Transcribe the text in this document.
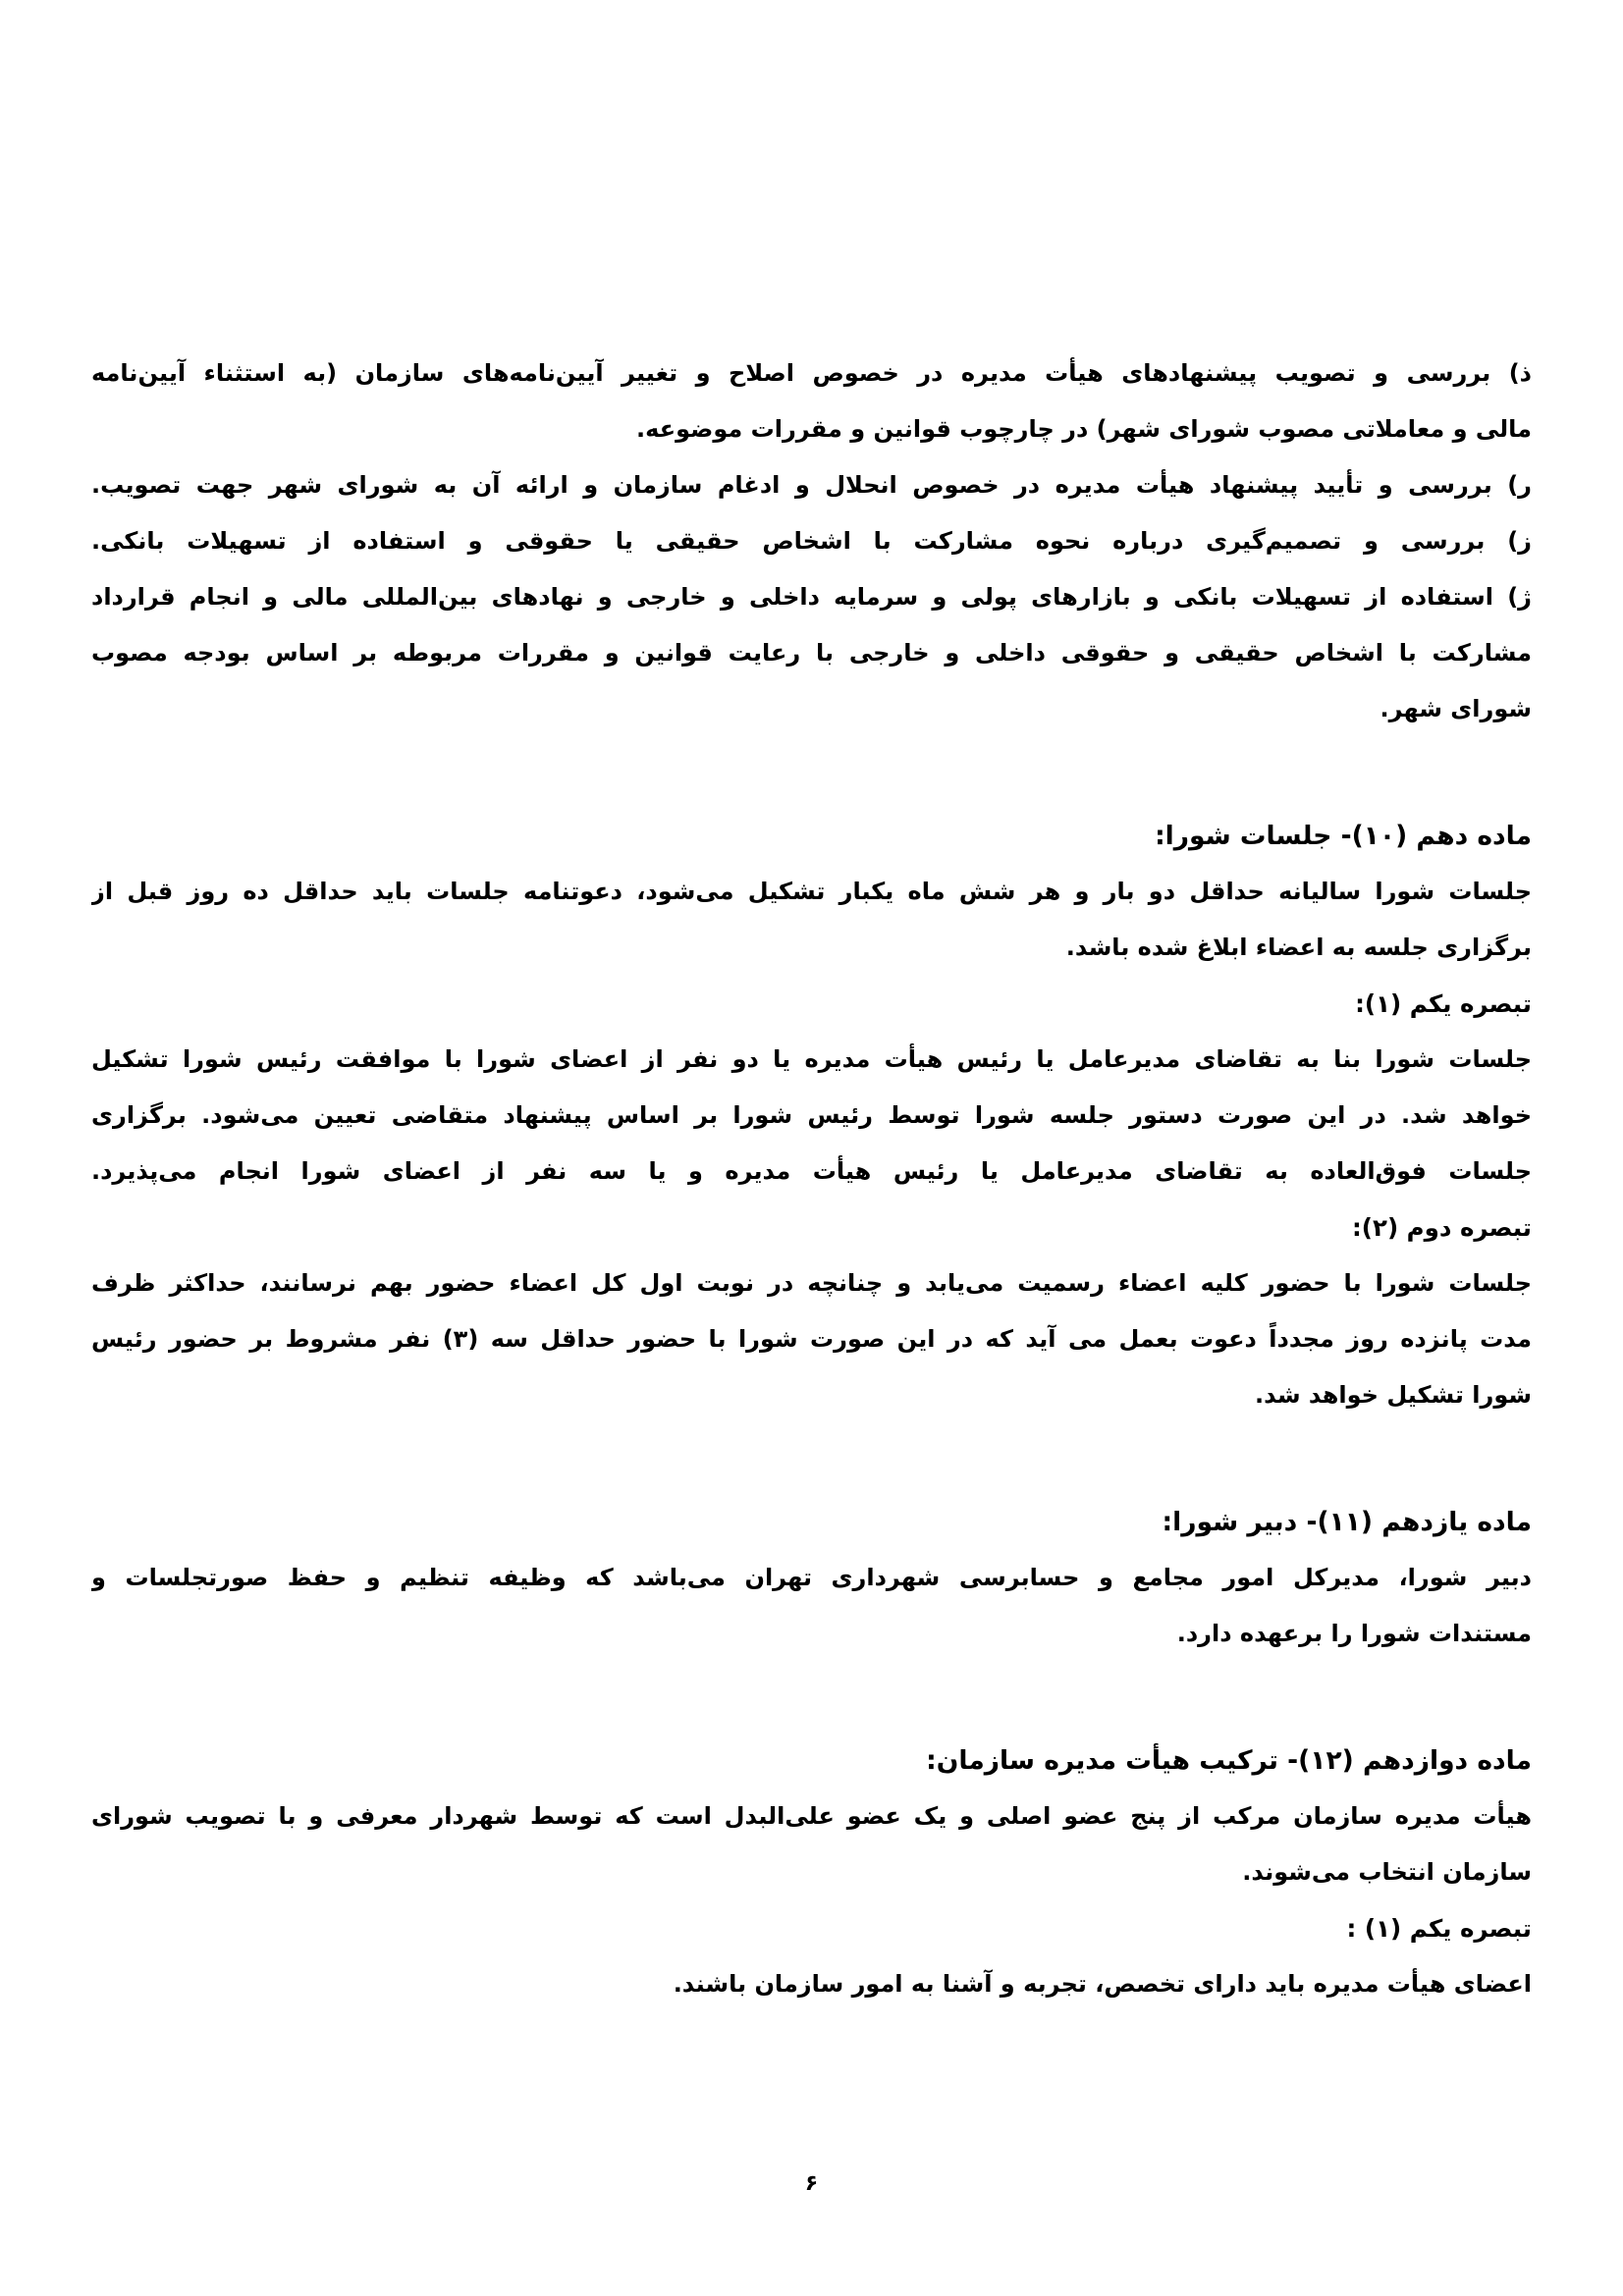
ذ) بررسی و تصویب پیشنهادهای هیأت مدیره در خصوص اصلاح و تغییر آیین‌نامه‌های سازمان (به استثناء آیین‌نامه
مالی و معاملاتی مصوب شورای شهر) در چارچوب قوانین و مقررات موضوعه.
ر) بررسی و تأیید پیشنهاد هیأت مدیره در خصوص انحلال و ادغام سازمان و ارائه آن به شورای شهر جهت تصویب.
ز) بررسی و تصمیم‌گیری درباره نحوه مشارکت با اشخاص حقیقی یا حقوقی و استفاده از تسهیلات بانکی.
ژ) استفاده از تسهیلات بانکی و بازارهای پولی و سرمایه داخلی و خارجی و نهادهای بین‌المللی مالی و انجام قرارداد
مشارکت با اشخاص حقیقی و حقوقی داخلی و خارجی با رعایت قوانین و مقررات مربوطه بر اساس بودجه مصوب
شورای شهر.
ماده دهم (۱۰)- جلسات شورا:
جلسات شورا سالیانه حداقل دو بار و هر شش ماه یکبار تشکیل می‌شود، دعوتنامه جلسات باید حداقل ده روز قبل از
برگزاری جلسه به اعضاء ابلاغ شده باشد.
تبصره یکم (۱):
جلسات شورا بنا به تقاضای مدیرعامل یا رئیس هیأت مدیره یا دو نفر از اعضای شورا با موافقت رئیس شورا تشکیل
خواهد شد. در این صورت دستور جلسه شورا توسط رئیس شورا بر اساس پیشنهاد متقاضی تعیین می‌شود. برگزاری
جلسات فوق‌العاده به تقاضای مدیرعامل یا رئیس هیأت مدیره و یا سه نفر از اعضای شورا انجام می‌پذیرد.
تبصره دوم (۲):
جلسات شورا با حضور کلیه اعضاء رسمیت می‌یابد و چنانچه در نوبت اول کل اعضاء حضور بهم نرسانند، حداکثر ظرف
مدت پانزده روز مجدداً دعوت بعمل می آید که در این صورت شورا با حضور حداقل سه (۳) نفر مشروط بر حضور رئیس
شورا تشکیل خواهد شد.
ماده یازدهم (۱۱)- دبیر شورا:
دبیر شورا، مدیرکل امور مجامع و حسابرسی شهرداری تهران می‌باشد که وظیفه تنظیم و حفظ صورتجلسات و
مستندات شورا را برعهده دارد.
ماده دوازدهم (۱۲)- ترکیب هیأت مدیره سازمان:
هیأت مدیره سازمان مرکب از پنج عضو اصلی و یک عضو علی‌البدل است که توسط شهردار معرفی و با تصویب شورای
سازمان انتخاب می‌شوند.
تبصره یکم (۱) :
اعضای هیأت مدیره باید دارای تخصص، تجربه و آشنا به امور سازمان باشند.
۶
